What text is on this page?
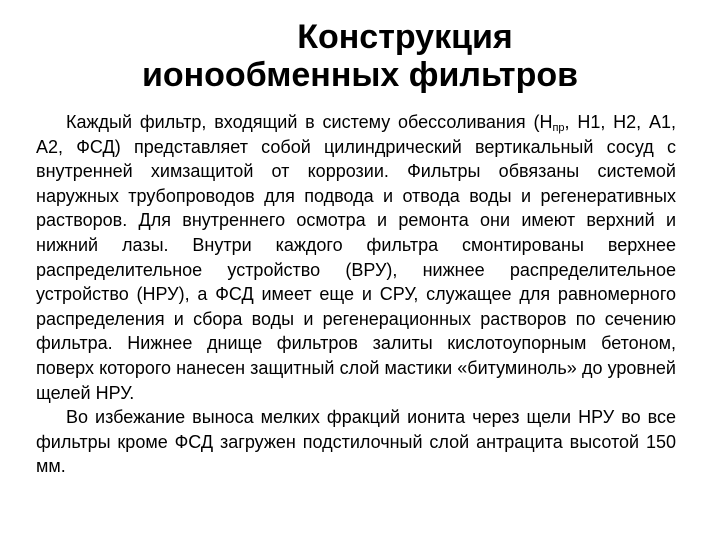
Конструкция
ионообменных фильтров

Каждый фильтр, входящий в систему обессоливания ($Н_{пр}$, Н1, Н2, А1, А2, ФСД) представляет собой цилиндрический вертикальный сосуд с внутренней химзащитой от коррозии. Фильтры обвязаны системой наружных трубопроводов для подвода и отвода воды и регенеративных растворов. Для внутреннего осмотра и ремонта они имеют верхний и нижний лазы. Внутри каждого фильтра смонтированы верхнее распределительное устройство (ВРУ), нижнее распределительное устройство (НРУ), а ФСД имеет еще и СРУ, служащее для равномерного распределения и сбора воды и регенерационных растворов по сечению фильтра. Нижнее днище фильтров залиты кислотоупорным бетоном, поверх которого нанесен защитный слой мастики «битуминоль» до уровней щелей НРУ.

Во избежание выноса мелких фракций ионита через щели НРУ во все фильтры кроме ФСД загружен подстилочный слой антрацита высотой 150 мм.
